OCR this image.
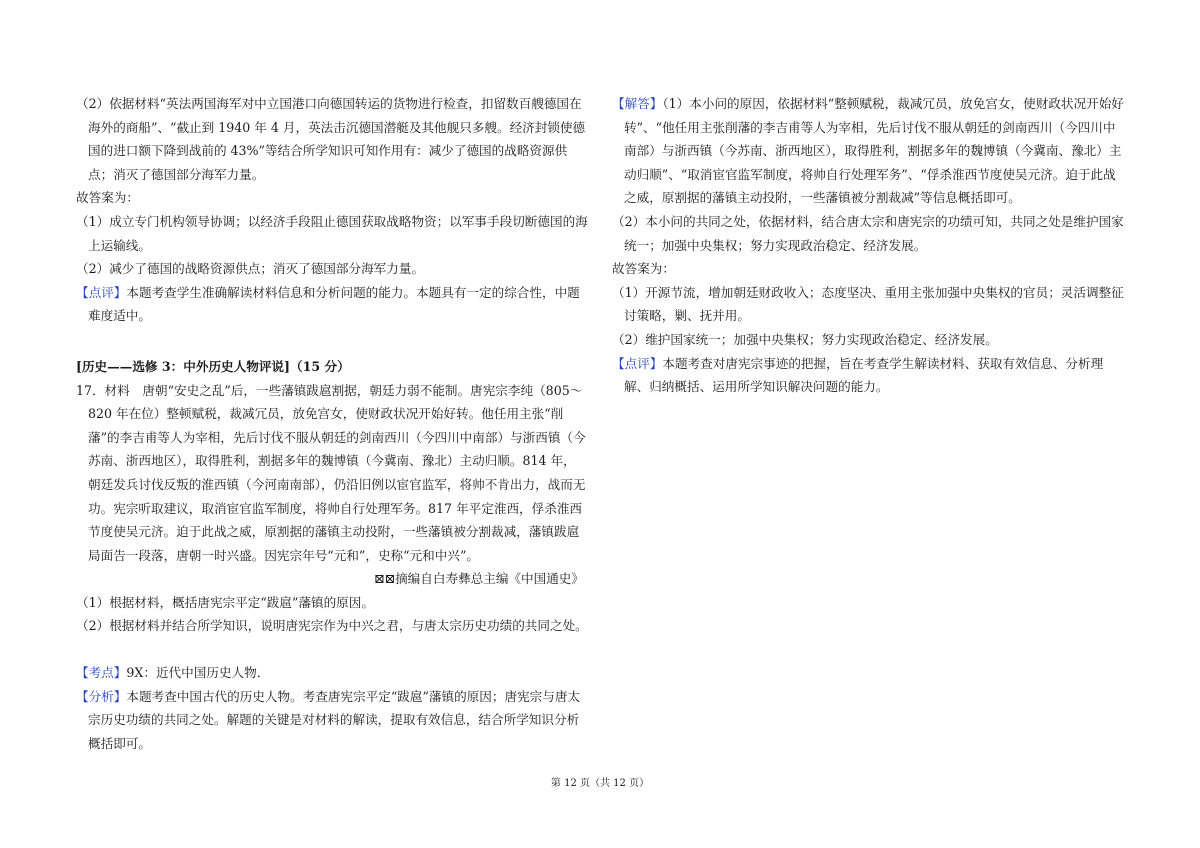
（2）依据材料“英法两国海军对中立国港口向德国转运的货物进行检查，扣留数百艘德国在海外的商船”、“截止到 1940 年 4 月，英法击沉德国潜艇及其他舰只多艘。经济封锁使德国的进口额下降到战前的 43%”等结合所学知识可知作用有：减少了德国的战略资源供点；消灭了德国部分海军力量。

故答案为：

（1）成立专门机构领导协调；以经济手段阻止德国获取战略物资；以军事手段切断德国的海上运输线。

（2）减少了德国的战略资源供点；消灭了德国部分海军力量。

【点评】本题考查学生准确解读材料信息和分析问题的能力。本题具有一定的综合性，中题难度适中。

[历史——选修 3：中外历史人物评说]（15 分）

17．材料　唐朝“安史之乱”后，一些藩镇跋扈割据，朝廷力弱不能制。唐宪宗李纯（805～820 年在位）整顿赋税，裁减冗员，放免宫女，使财政状况开始好转。他任用主张“削藩”的李吉甫等人为宰相，先后讨伐不服从朝廷的剑南西川（今四川中南部）与浙西镇（今苏南、浙西地区），取得胜利，割据多年的魏博镇（今冀南、豫北）主动归顺。814 年，朝廷发兵讨伐反叛的淮西镇（今河南南部），仍沿旧例以宦官监军，将帅不肯出力，战而无功。宪宗听取建议，取消宦官监军制度，将帅自行处理军务。817 年平定淮西，俘杀淮西节度使吴元济。迫于此战之威，原割据的藩镇主动投附，一些藩镇被分割裁减，藩镇跋扈局面告一段落，唐朝一时兴盛。因宪宗年号“元和”，史称“元和中兴”。

⊠⊠摘编自白寿彝总主编《中国通史》

（1）根据材料，概括唐宪宗平定“跋扈”藩镇的原因。

（2）根据材料并结合所学知识，说明唐宪宗作为中兴之君，与唐太宗历史功绩的共同之处。

【考点】9X：近代中国历史人物．

【分析】本题考查中国古代的历史人物。考查唐宪宗平定“跋扈”藩镇的原因；唐宪宗与唐太宗历史功绩的共同之处。解题的关键是对材料的解读，提取有效信息，结合所学知识分析概括即可。

【解答】（1）本小问的原因，依据材料“整顿赋税，裁减冗员，放免宫女，使财政状况开始好转”、“他任用主张削藩的李吉甫等人为宰相，先后讨伐不服从朝廷的剑南西川（今四川中南部）与浙西镇（今苏南、浙西地区），取得胜利，割据多年的魏博镇（今冀南、豫北）主动归顺”、“取消宦官监军制度，将帅自行处理军务”、“俘杀淮西节度使吴元济。迫于此战之威，原割据的藩镇主动投附，一些藩镇被分割裁减”等信息概括即可。

（2）本小问的共同之处，依据材料，结合唐太宗和唐宪宗的功绩可知，共同之处是维护国家统一；加强中央集权；努力实现政治稳定、经济发展。

故答案为：

（1）开源节流，增加朝廷财政收入；态度坚决、重用主张加强中央集权的官员；灵活调整征讨策略，剿、抚并用。

（2）维护国家统一；加强中央集权；努力实现政治稳定、经济发展。

【点评】本题考查对唐宪宗事迹的把握，旨在考查学生解读材料、获取有效信息、分析理解、归纳概括、运用所学知识解决问题的能力。

第 12 页（共 12 页）
